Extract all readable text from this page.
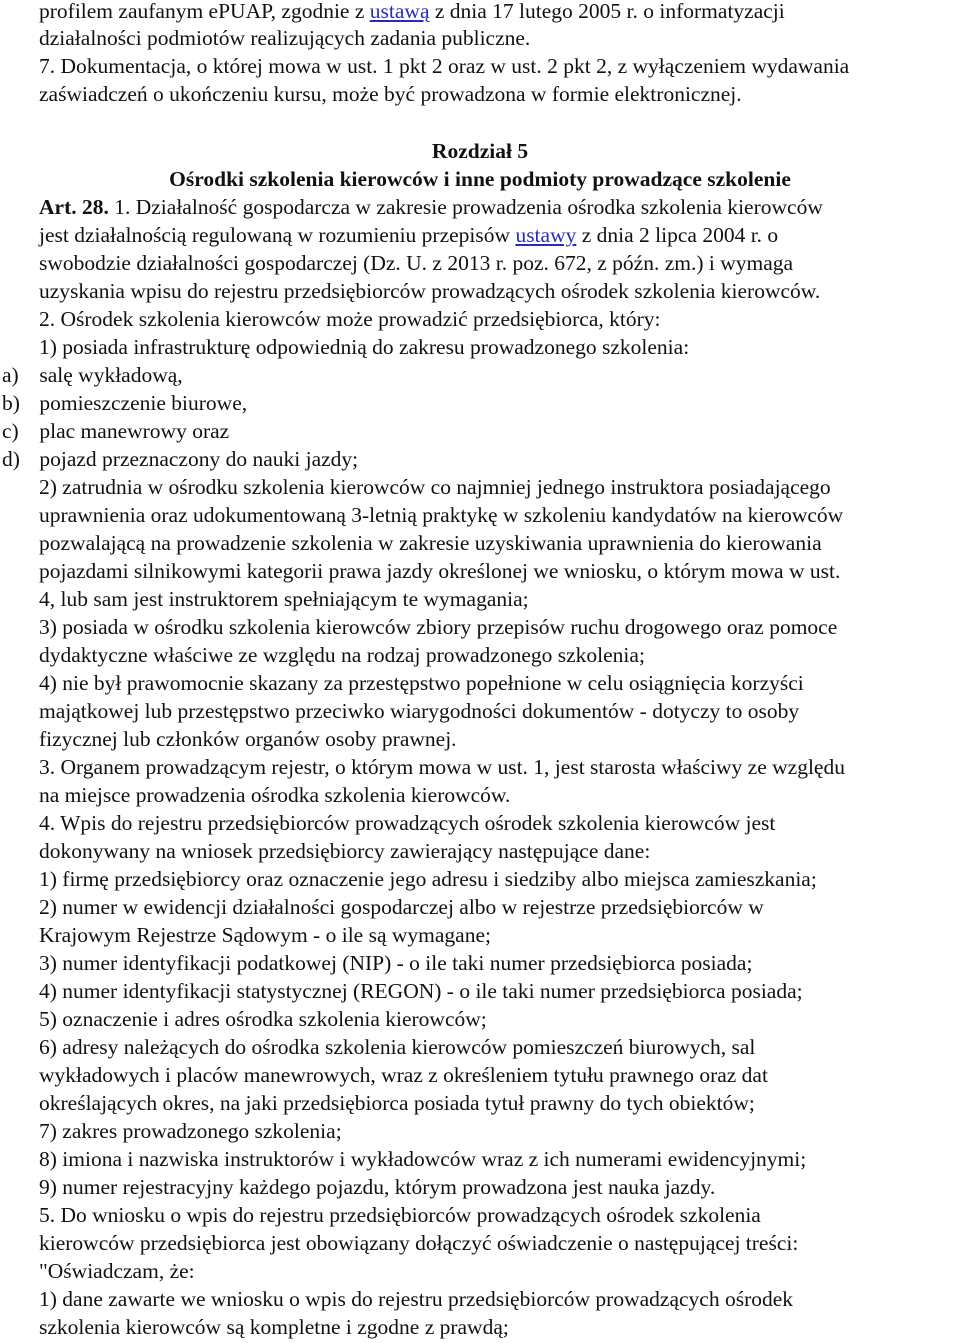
profilem zaufanym ePUAP, zgodnie z ustawą z dnia 17 lutego 2005 r. o informatyzacji
działalności podmiotów realizujących zadania publiczne.
7. Dokumentacja, o której mowa w ust. 1 pkt 2 oraz w ust. 2 pkt 2, z wyłączeniem wydawania
zaświadczeń o ukończeniu kursu, może być prowadzona w formie elektronicznej.
Rozdział 5
Ośrodki szkolenia kierowców i inne podmioty prowadzące szkolenie
Art. 28. 1. Działalność gospodarcza w zakresie prowadzenia ośrodka szkolenia kierowców
jest działalnością regulowaną w rozumieniu przepisów ustawy z dnia 2 lipca 2004 r. o
swobodzie działalności gospodarczej (Dz. U. z 2013 r. poz. 672, z późn. zm.) i wymaga
uzyskania wpisu do rejestru przedsiębiorców prowadzących ośrodek szkolenia kierowców.
2. Ośrodek szkolenia kierowców może prowadzić przedsiębiorca, który:
1) posiada infrastrukturę odpowiednią do zakresu prowadzonego szkolenia:
a) salę wykładową,
b) pomieszczenie biurowe,
c) plac manewrowy oraz
d) pojazd przeznaczony do nauki jazdy;
2) zatrudnia w ośrodku szkolenia kierowców co najmniej jednego instruktora posiadającego
uprawnienia oraz udokumentowaną 3-letnią praktykę w szkoleniu kandydatów na kierowców
pozwalającą na prowadzenie szkolenia w zakresie uzyskiwania uprawnienia do kierowania
pojazdami silnikowymi kategorii prawa jazdy określonej we wniosku, o którym mowa w ust.
4, lub sam jest instruktorem spełniającym te wymagania;
3) posiada w ośrodku szkolenia kierowców zbiory przepisów ruchu drogowego oraz pomoce
dydaktyczne właściwe ze względu na rodzaj prowadzonego szkolenia;
4) nie był prawomocnie skazany za przestępstwo popełnione w celu osiągnięcia korzyści
majątkowej lub przestępstwo przeciwko wiarygodności dokumentów - dotyczy to osoby
fizycznej lub członków organów osoby prawnej.
3. Organem prowadzącym rejestr, o którym mowa w ust. 1, jest starosta właściwy ze względu
na miejsce prowadzenia ośrodka szkolenia kierowców.
4. Wpis do rejestru przedsiębiorców prowadzących ośrodek szkolenia kierowców jest
dokonywany na wniosek przedsiębiorcy zawierający następujące dane:
1) firmę przedsiębiorcy oraz oznaczenie jego adresu i siedziby albo miejsca zamieszkania;
2) numer w ewidencji działalności gospodarczej albo w rejestrze przedsiębiorców w
Krajowym Rejestrze Sądowym - o ile są wymagane;
3) numer identyfikacji podatkowej (NIP) - o ile taki numer przedsiębiorca posiada;
4) numer identyfikacji statystycznej (REGON) - o ile taki numer przedsiębiorca posiada;
5) oznaczenie i adres ośrodka szkolenia kierowców;
6) adresy należących do ośrodka szkolenia kierowców pomieszczeń biurowych, sal
wykładowych i placów manewrowych, wraz z określeniem tytułu prawnego oraz dat
określających okres, na jaki przedsiębiorca posiada tytuł prawny do tych obiektów;
7) zakres prowadzonego szkolenia;
8) imiona i nazwiska instruktorów i wykładowców wraz z ich numerami ewidencyjnymi;
9) numer rejestracyjny każdego pojazdu, którym prowadzona jest nauka jazdy.
5. Do wniosku o wpis do rejestru przedsiębiorców prowadzących ośrodek szkolenia
kierowców przedsiębiorca jest obowiązany dołączyć oświadczenie o następującej treści:
"Oświadczam, że:
1) dane zawarte we wniosku o wpis do rejestru przedsiębiorców prowadzących ośrodek
szkolenia kierowców są kompletne i zgodne z prawdą;
